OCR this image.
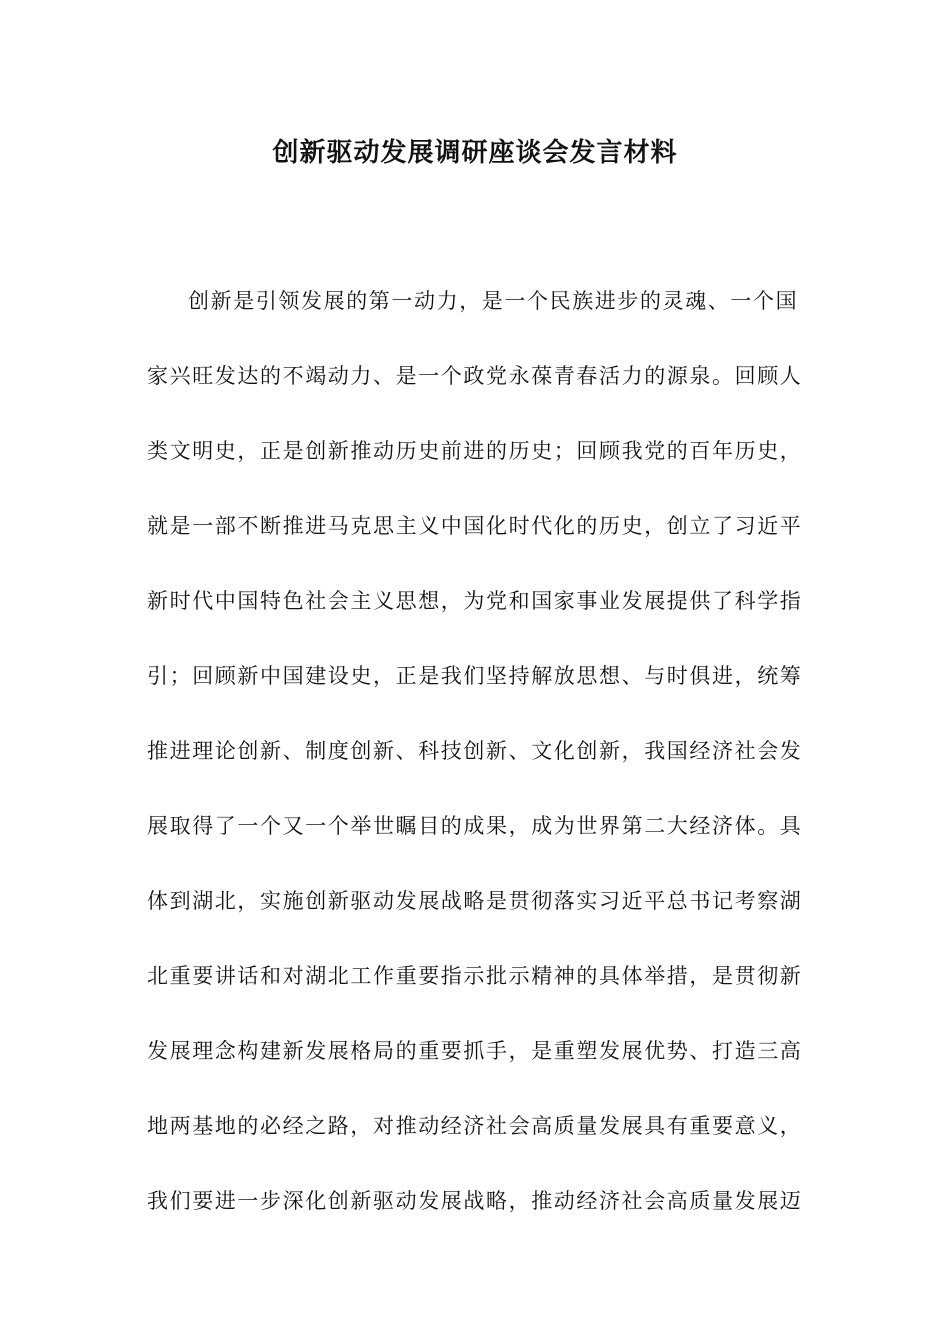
创新驱动发展调研座谈会发言材料
创新是引领发展的第一动力，是一个民族进步的灵魂、一个国
家兴旺发达的不竭动力、是一个政党永葆青春活力的源泉。回顾人
类文明史，正是创新推动历史前进的历史；回顾我党的百年历史，
就是一部不断推进马克思主义中国化时代化的历史，创立了习近平
新时代中国特色社会主义思想，为党和国家事业发展提供了科学指
引；回顾新中国建设史，正是我们坚持解放思想、与时俱进，统筹
推进理论创新、制度创新、科技创新、文化创新，我国经济社会发
展取得了一个又一个举世瞩目的成果，成为世界第二大经济体。具
体到湖北，实施创新驱动发展战略是贯彻落实习近平总书记考察湖
北重要讲话和对湖北工作重要指示批示精神的具体举措，是贯彻新
发展理念构建新发展格局的重要抓手，是重塑发展优势、打造三高
地两基地的必经之路，对推动经济社会高质量发展具有重要意义，
我们要进一步深化创新驱动发展战略，推动经济社会高质量发展迈
